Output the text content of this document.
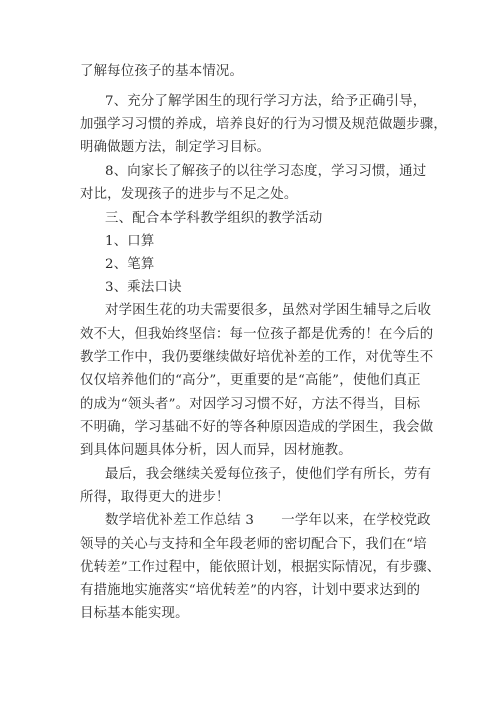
了解每位孩子的基本情况。
7、充分了解学困生的现行学习方法，给予正确引导，
加强学习习惯的养成，培养良好的行为习惯及规范做题步骤，
明确做题方法，制定学习目标。
8、向家长了解孩子的以往学习态度，学习习惯，通过
对比，发现孩子的进步与不足之处。
三、配合本学科教学组织的教学活动
1、口算
2、笔算
3、乘法口诀
对学困生花的功夫需要很多，虽然对学困生辅导之后收
效不大，但我始终坚信：每一位孩子都是优秀的！在今后的
教学工作中，我仍要继续做好培优补差的工作，对优等生不
仅仅培养他们的“高分”，更重要的是“高能”，使他们真正
的成为“领头者”。对因学习习惯不好，方法不得当，目标
不明确，学习基础不好的等各种原因造成的学困生，我会做
到具体问题具体分析，因人而异，因材施教。
最后，我会继续关爱每位孩子，使他们学有所长，劳有
所得，取得更大的进步！
数学培优补差工作总结 3　　一学年以来，在学校党政
领导的关心与支持和全年段老师的密切配合下，我们在“培
优转差”工作过程中，能依照计划，根据实际情况，有步骤、
有措施地实施落实“培优转差”的内容，计划中要求达到的
目标基本能实现。
